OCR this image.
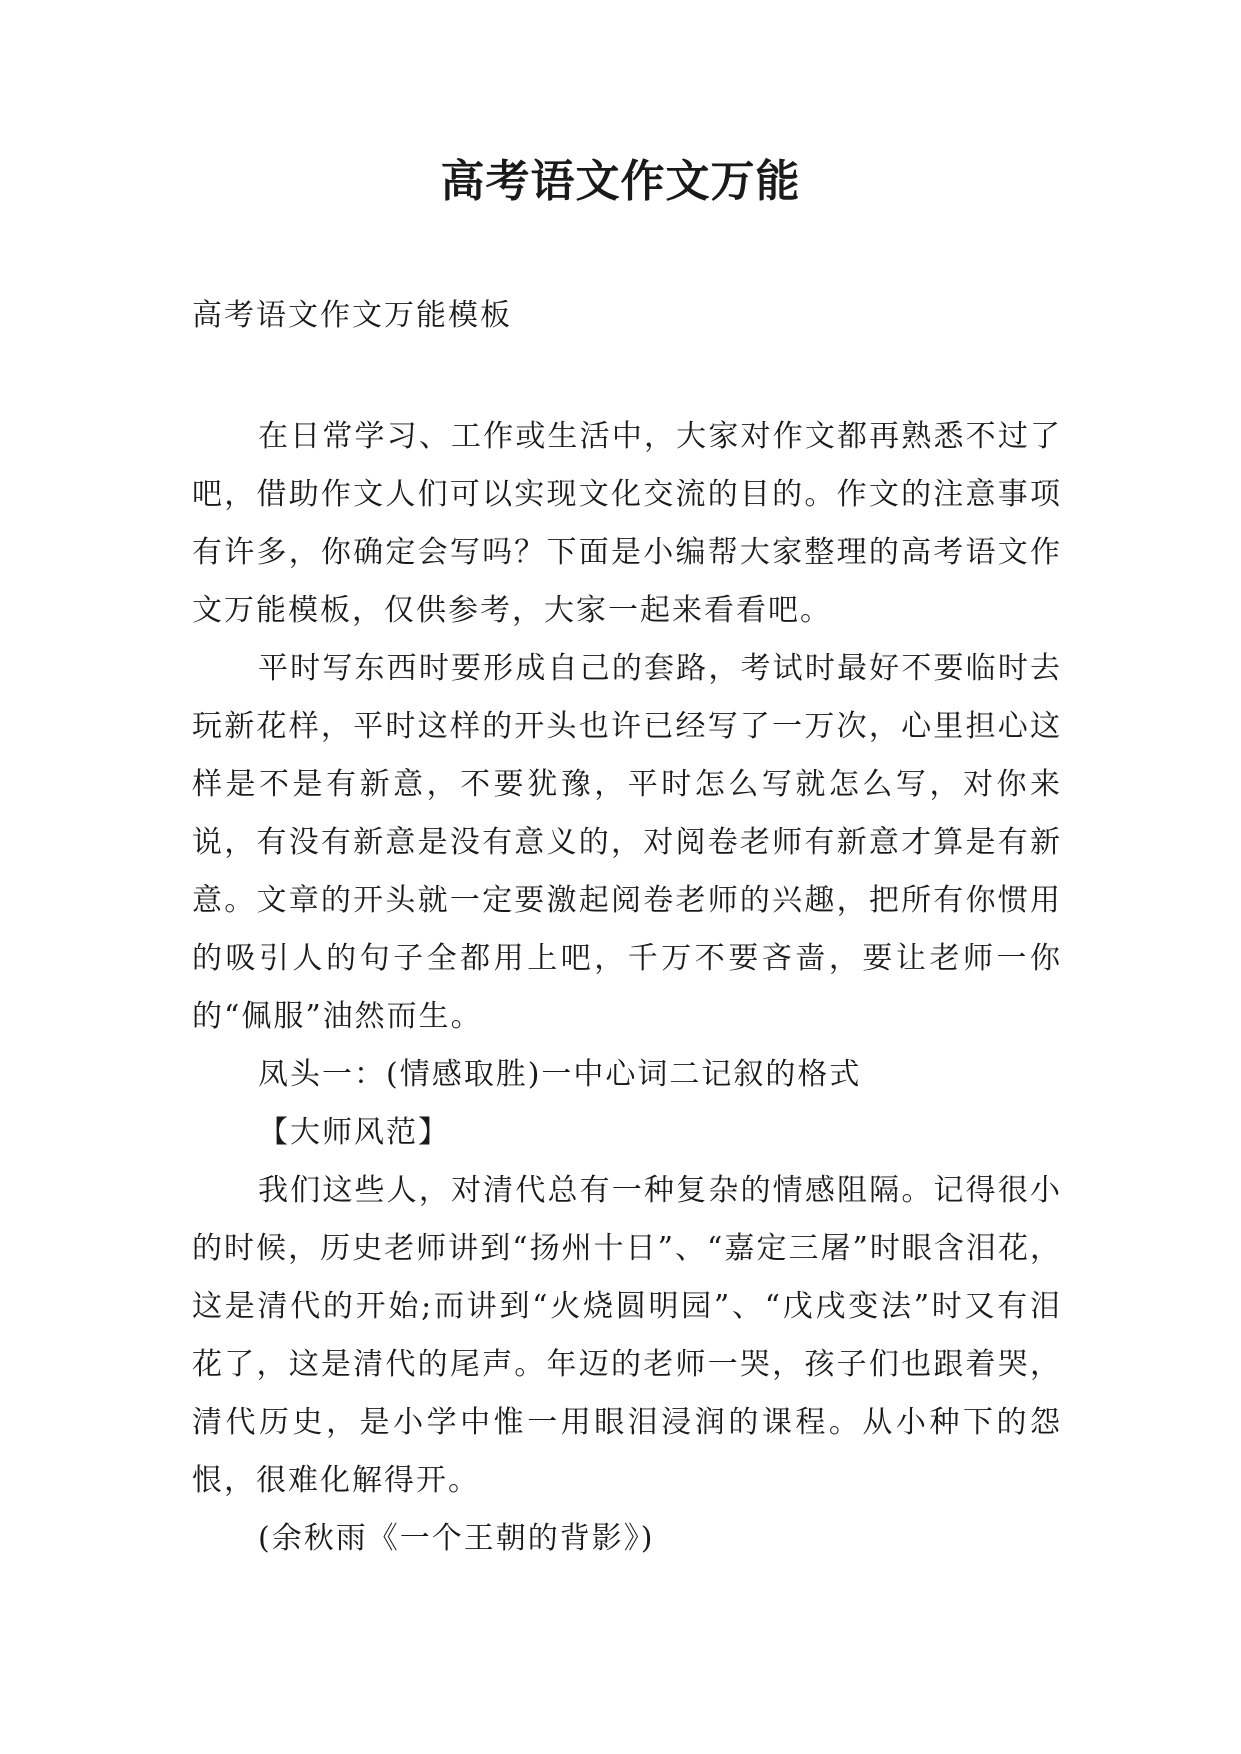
高考语文作文万能

高考语文作文万能模板

在日常学习、工作或生活中，大家对作文都再熟悉不过了吧，借助作文人们可以实现文化交流的目的。作文的注意事项有许多，你确定会写吗？下面是小编帮大家整理的高考语文作文万能模板，仅供参考，大家一起来看看吧。

平时写东西时要形成自己的套路，考试时最好不要临时去玩新花样，平时这样的开头也许已经写了一万次，心里担心这样是不是有新意，不要犹豫，平时怎么写就怎么写，对你来说，有没有新意是没有意义的，对阅卷老师有新意才算是有新意。文章的开头就一定要激起阅卷老师的兴趣，把所有你惯用的吸引人的句子全都用上吧，千万不要吝啬，要让老师一你的“佩服”油然而生。

凤头一：(情感取胜)一中心词二记叙的格式

【大师风范】

我们这些人，对清代总有一种复杂的情感阻隔。记得很小的时候，历史老师讲到“扬州十日”、“嘉定三屠”时眼含泪花，这是清代的开始;而讲到“火烧圆明园”、“戊戌变法”时又有泪花了，这是清代的尾声。年迈的老师一哭，孩子们也跟着哭，清代历史，是小学中惟一用眼泪浸润的课程。从小种下的怨恨，很难化解得开。

(余秋雨《一个王朝的背影》)
